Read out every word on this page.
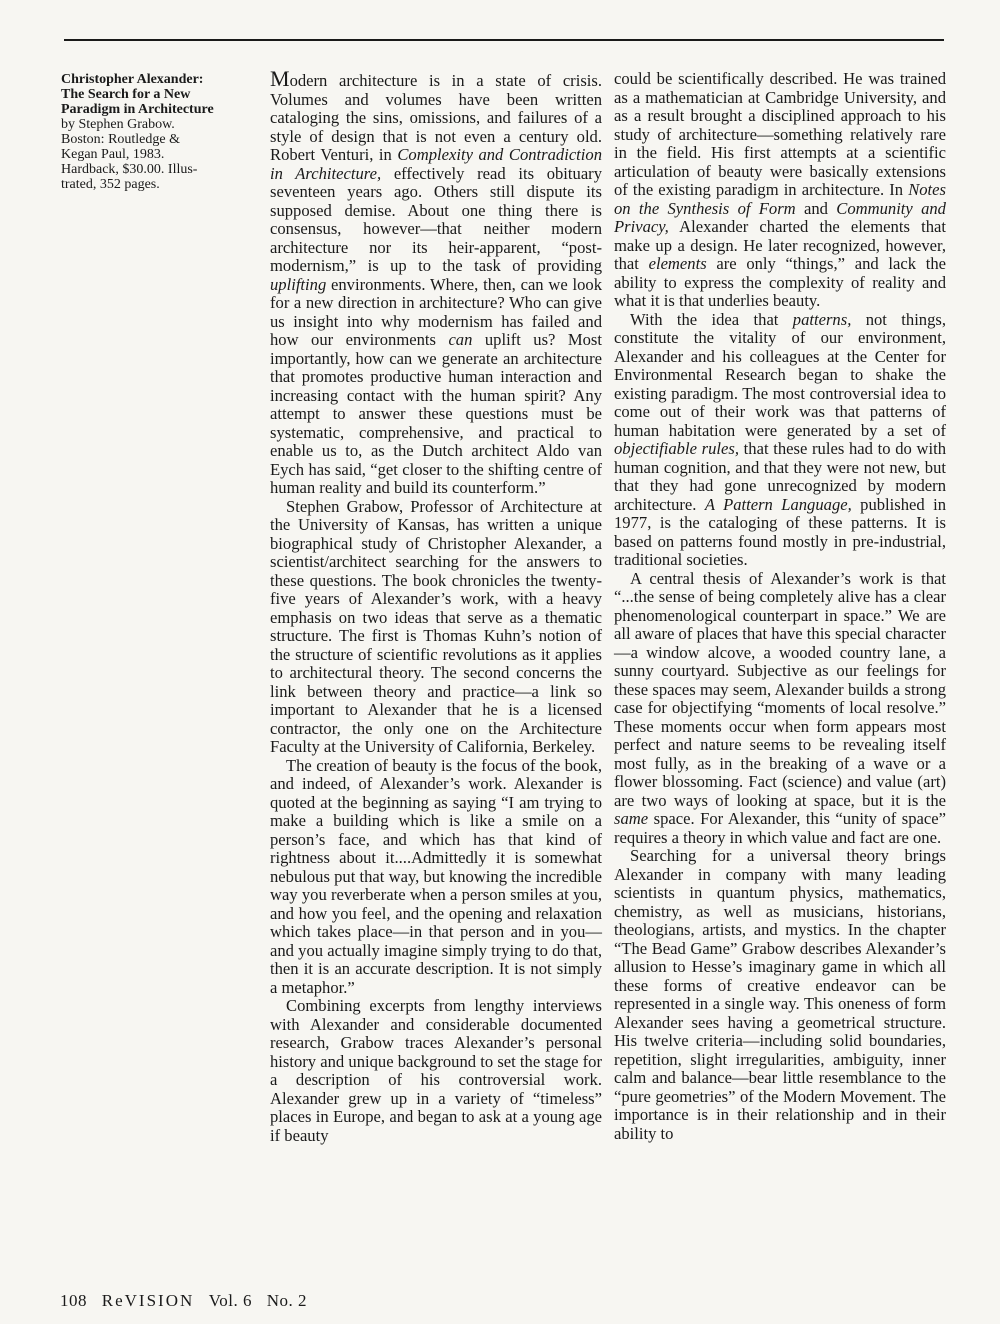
Christopher Alexander:
The Search for a New
Paradigm in Architecture
by Stephen Grabow.
Boston: Routledge &
Kegan Paul, 1983.
Hardback, $30.00. Illus-
trated, 352 pages.

Modern architecture is in a state of crisis. Volumes and volumes have been written cataloging the sins, omissions, and failures of a style of design that is not even a century old. Robert Venturi, in Complexity and Contradiction in Architecture, effectively read its obituary seventeen years ago. Others still dispute its supposed demise. About one thing there is consensus, however—that neither modern architecture nor its heir-apparent, “post-modernism,” is up to the task of providing uplifting environments. Where, then, can we look for a new direction in architecture? Who can give us insight into why modernism has failed and how our environments can uplift us? Most importantly, how can we generate an architecture that promotes productive human interaction and increasing contact with the human spirit? Any attempt to answer these questions must be systematic, comprehensive, and practical to enable us to, as the Dutch architect Aldo van Eych has said, “get closer to the shifting centre of human reality and build its counterform.”

Stephen Grabow, Professor of Architecture at the University of Kansas, has written a unique biographical study of Christopher Alexander, a scientist/architect searching for the answers to these questions. The book chronicles the twenty-five years of Alexander’s work, with a heavy emphasis on two ideas that serve as a thematic structure. The first is Thomas Kuhn’s notion of the structure of scientific revolutions as it applies to architectural theory. The second concerns the link between theory and practice—a link so important to Alexander that he is a licensed contractor, the only one on the Architecture Faculty at the University of California, Berkeley.

The creation of beauty is the focus of the book, and indeed, of Alexander’s work. Alexander is quoted at the beginning as saying “I am trying to make a building which is like a smile on a person’s face, and which has that kind of rightness about it....Admittedly it is somewhat nebulous put that way, but knowing the incredible way you reverberate when a person smiles at you, and how you feel, and the opening and relaxation which takes place—in that person and in you—and you actually imagine simply trying to do that, then it is an accurate description. It is not simply a metaphor.”

Combining excerpts from lengthy interviews with Alexander and considerable documented research, Grabow traces Alexander’s personal history and unique background to set the stage for a description of his controversial work. Alexander grew up in a variety of “timeless” places in Europe, and began to ask at a young age if beauty

could be scientifically described. He was trained as a mathematician at Cambridge University, and as a result brought a disciplined approach to his study of architecture—something relatively rare in the field. His first attempts at a scientific articulation of beauty were basically extensions of the existing paradigm in architecture. In Notes on the Synthesis of Form and Community and Privacy, Alexander charted the elements that make up a design. He later recognized, however, that elements are only “things,” and lack the ability to express the complexity of reality and what it is that underlies beauty.

With the idea that patterns, not things, constitute the vitality of our environment, Alexander and his colleagues at the Center for Environmental Research began to shake the existing paradigm. The most controversial idea to come out of their work was that patterns of human habitation were generated by a set of objectifiable rules, that these rules had to do with human cognition, and that they were not new, but that they had gone unrecognized by modern architecture. A Pattern Language, published in 1977, is the cataloging of these patterns. It is based on patterns found mostly in pre-industrial, traditional societies.

A central thesis of Alexander’s work is that “...the sense of being completely alive has a clear phenomenological counterpart in space.” We are all aware of places that have this special character—a window alcove, a wooded country lane, a sunny courtyard. Subjective as our feelings for these spaces may seem, Alexander builds a strong case for objectifying “moments of local resolve.” These moments occur when form appears most perfect and nature seems to be revealing itself most fully, as in the breaking of a wave or a flower blossoming. Fact (science) and value (art) are two ways of looking at space, but it is the same space. For Alexander, this “unity of space” requires a theory in which value and fact are one.

Searching for a universal theory brings Alexander in company with many leading scientists in quantum physics, mathematics, chemistry, as well as musicians, historians, theologians, artists, and mystics. In the chapter “The Bead Game” Grabow describes Alexander’s allusion to Hesse’s imaginary game in which all these forms of creative endeavor can be represented in a single way. This oneness of form Alexander sees having a geometrical structure. His twelve criteria—including solid boundaries, repetition, slight irregularities, ambiguity, inner calm and balance—bear little resemblance to the “pure geometries” of the Modern Movement. The importance is in their relationship and in their ability to

108 ReVISION Vol. 6 No. 2
